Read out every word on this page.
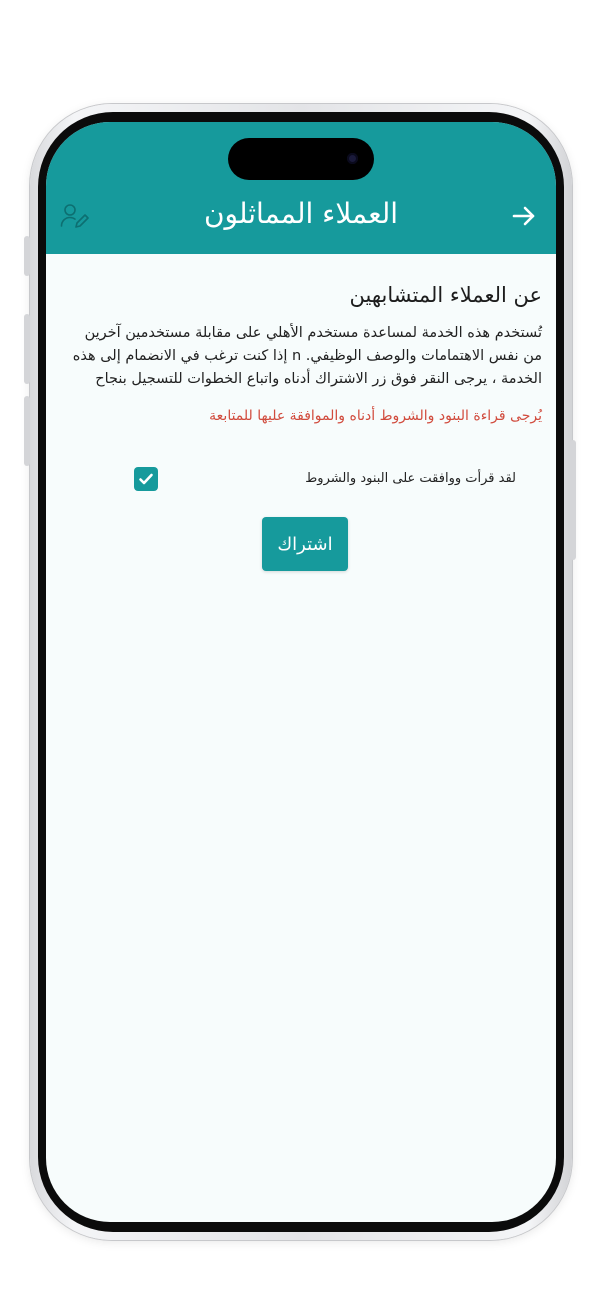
العملاء المماثلون
عن العملاء المتشابهين
تُستخدم هذه الخدمة لمساعدة مستخدم الأهلي على مقابلة مستخدمين آخرين من نفس الاهتمامات والوصف الوظيفي. n إذا كنت ترغب في الانضمام إلى هذه الخدمة ، يرجى النقر فوق زر الاشتراك أدناه واتباع الخطوات للتسجيل بنجاح
يُرجى قراءة البنود والشروط أدناه والموافقة عليها للمتابعة
لقد قرأت ووافقت على البنود والشروط
اشتراك
